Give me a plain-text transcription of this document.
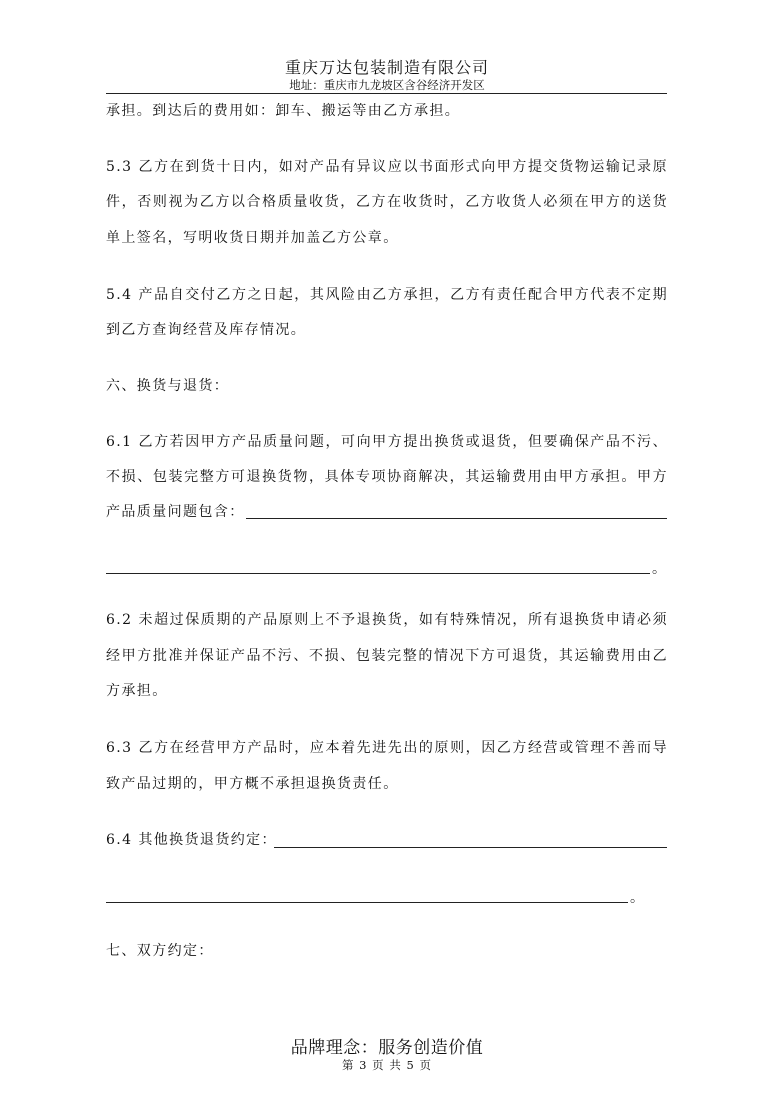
重庆万达包装制造有限公司
地址：重庆市九龙坡区含谷经济开发区
承担。到达后的费用如：卸车、搬运等由乙方承担。
5.3 乙方在到货十日内，如对产品有异议应以书面形式向甲方提交货物运输记录原
件，否则视为乙方以合格质量收货，乙方在收货时，乙方收货人必须在甲方的送货
单上签名，写明收货日期并加盖乙方公章。
5.4 产品自交付乙方之日起，其风险由乙方承担，乙方有责任配合甲方代表不定期
到乙方查询经营及库存情况。
六、换货与退货：
6.1 乙方若因甲方产品质量问题，可向甲方提出换货或退货，但要确保产品不污、
不损、包装完整方可退换货物，具体专项协商解决，其运输费用由甲方承担。甲方
产品质量问题包含：
。
6.2 未超过保质期的产品原则上不予退换货，如有特殊情况，所有退换货申请必须
经甲方批准并保证产品不污、不损、包装完整的情况下方可退货，其运输费用由乙
方承担。
6.3 乙方在经营甲方产品时，应本着先进先出的原则，因乙方经营或管理不善而导
致产品过期的，甲方概不承担退换货责任。
6.4 其他换货退货约定：
。
七、双方约定：
品牌理念：服务创造价值
第 3 页 共 5 页
